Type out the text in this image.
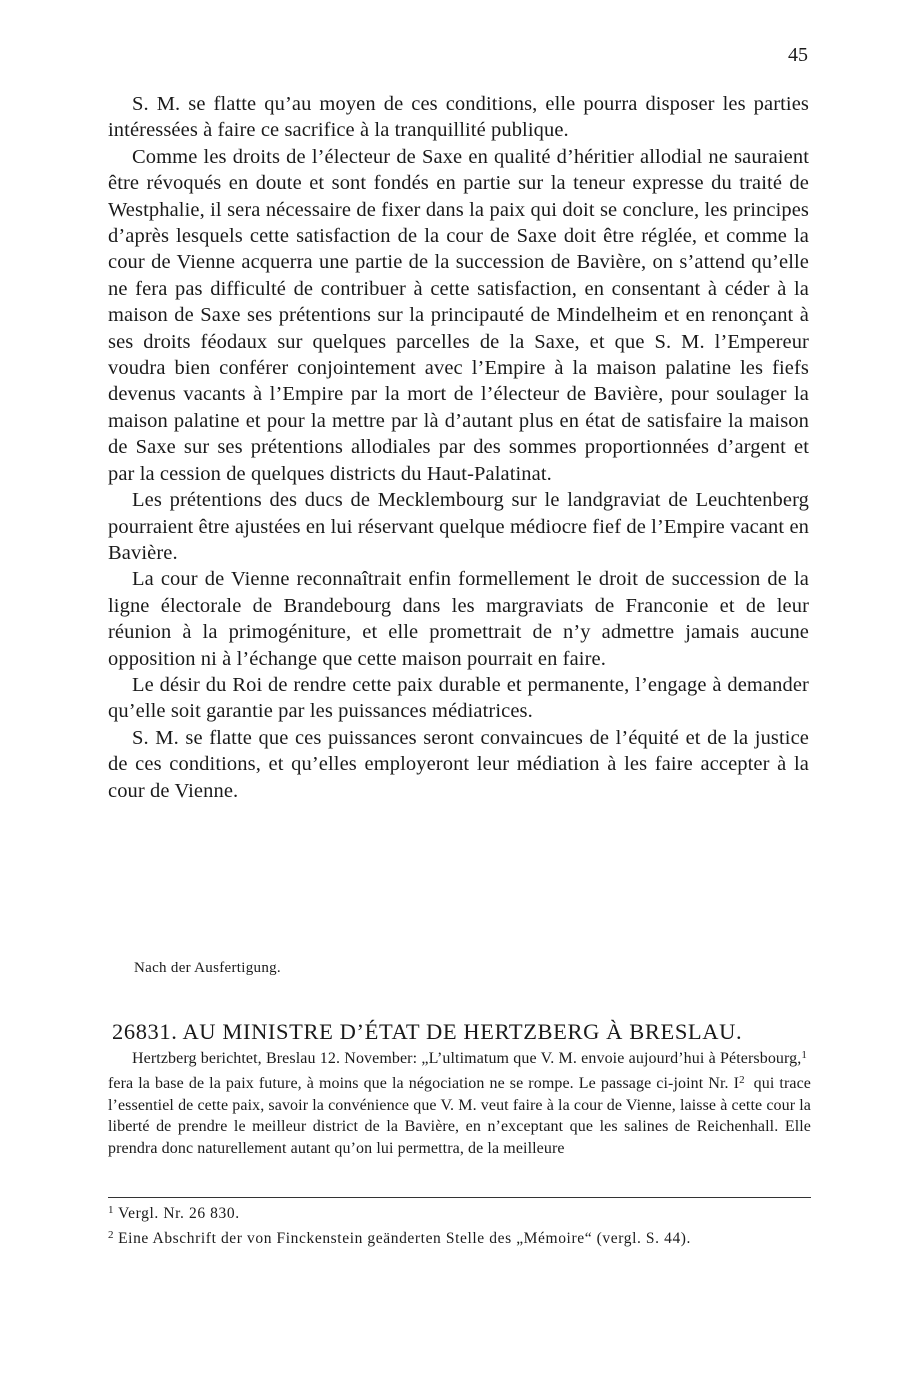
45

S. M. se flatte qu’au moyen de ces conditions, elle pourra disposer les parties intéressées à faire ce sacrifice à la tranquillité publique.

Comme les droits de l’électeur de Saxe en qualité d’héritier allodial ne sauraient être révoqués en doute et sont fondés en partie sur la teneur expresse du traité de Westphalie, il sera nécessaire de fixer dans la paix qui doit se conclure, les principes d’après lesquels cette satisfaction de la cour de Saxe doit être réglée, et comme la cour de Vienne acquerra une partie de la succession de Bavière, on s’attend qu’elle ne fera pas difficulté de contribuer à cette satisfaction, en consentant à céder à la maison de Saxe ses prétentions sur la principauté de Mindelheim et en renonçant à ses droits féodaux sur quelques parcelles de la Saxe, et que S. M. l’Empereur voudra bien conférer conjointement avec l’Empire à la maison palatine les fiefs devenus vacants à l’Empire par la mort de l’électeur de Bavière, pour soulager la maison palatine et pour la mettre par là d’autant plus en état de satisfaire la maison de Saxe sur ses prétentions allodiales par des sommes proportionnées d’argent et par la cession de quelques districts du Haut-Palatinat.

Les prétentions des ducs de Mecklembourg sur le landgraviat de Leuchtenberg pourraient être ajustées en lui réservant quelque médiocre fief de l’Empire vacant en Bavière.

La cour de Vienne reconnaîtrait enfin formellement le droit de succession de la ligne électorale de Brandebourg dans les margraviats de Franconie et de leur réunion à la primogéniture, et elle promettrait de n’y admettre jamais aucune opposition ni à l’échange que cette maison pourrait en faire.

Le désir du Roi de rendre cette paix durable et permanente, l’engage à demander qu’elle soit garantie par les puissances médiatrices.

S. M. se flatte que ces puissances seront convaincues de l’équité et de la justice de ces conditions, et qu’elles employeront leur médiation à les faire accepter à la cour de Vienne.

Nach der Ausfertigung.
26831. AU MINISTRE D’ÉTAT DE HERTZBERG À BRESLAU.

Hertzberg berichtet, Breslau 12. November: „L’ultimatum que V. M. envoie aujourd’hui à Pétersbourg,$^1$ fera la base de la paix future, à moins que la négociation ne se rompe. Le passage ci-joint Nr. I$^2$ qui trace l’essentiel de cette paix, savoir la convénience que V. M. veut faire à la cour de Vienne, laisse à cette cour la liberté de prendre le meilleur district de la Bavière, en n’exceptant que les salines de Reichenhall. Elle prendra donc naturellement autant qu’on lui permettra, de la meilleure

$^1$ Vergl. Nr. 26 830.

$^2$ Eine Abschrift der von Finckenstein geänderten Stelle des „Mémoire“ (vergl. S. 44).
